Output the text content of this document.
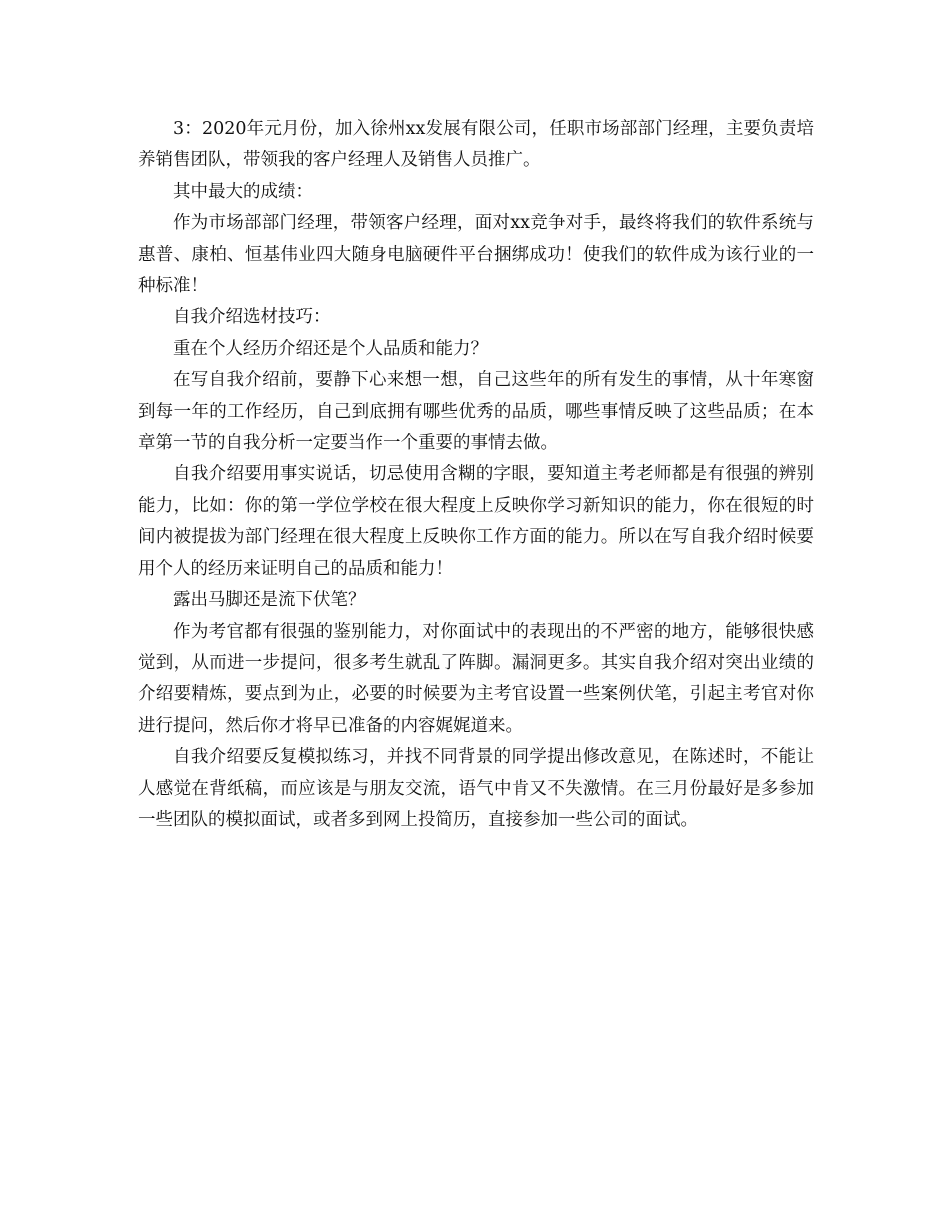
3：2020年元月份，加入徐州xx发展有限公司，任职市场部部门经理，主要负责培养销售团队，带领我的客户经理人及销售人员推广。

其中最大的成绩：

作为市场部部门经理，带领客户经理，面对xx竞争对手，最终将我们的软件系统与惠普、康柏、恒基伟业四大随身电脑硬件平台捆绑成功！使我们的软件成为该行业的一种标准！

自我介绍选材技巧：

重在个人经历介绍还是个人品质和能力？

在写自我介绍前，要静下心来想一想，自己这些年的所有发生的事情，从十年寒窗到每一年的工作经历，自己到底拥有哪些优秀的品质，哪些事情反映了这些品质；在本章第一节的自我分析一定要当作一个重要的事情去做。

自我介绍要用事实说话，切忌使用含糊的字眼，要知道主考老师都是有很强的辨别能力，比如：你的第一学位学校在很大程度上反映你学习新知识的能力，你在很短的时间内被提拔为部门经理在很大程度上反映你工作方面的能力。所以在写自我介绍时候要用个人的经历来证明自己的品质和能力！

露出马脚还是流下伏笔？

作为考官都有很强的鉴别能力，对你面试中的表现出的不严密的地方，能够很快感觉到，从而进一步提问，很多考生就乱了阵脚。漏洞更多。其实自我介绍对突出业绩的介绍要精炼，要点到为止，必要的时候要为主考官设置一些案例伏笔，引起主考官对你进行提问，然后你才将早已准备的内容娓娓道来。

自我介绍要反复模拟练习，并找不同背景的同学提出修改意见，在陈述时，不能让人感觉在背纸稿，而应该是与朋友交流，语气中肯又不失激情。在三月份最好是多参加一些团队的模拟面试，或者多到网上投简历，直接参加一些公司的面试。
